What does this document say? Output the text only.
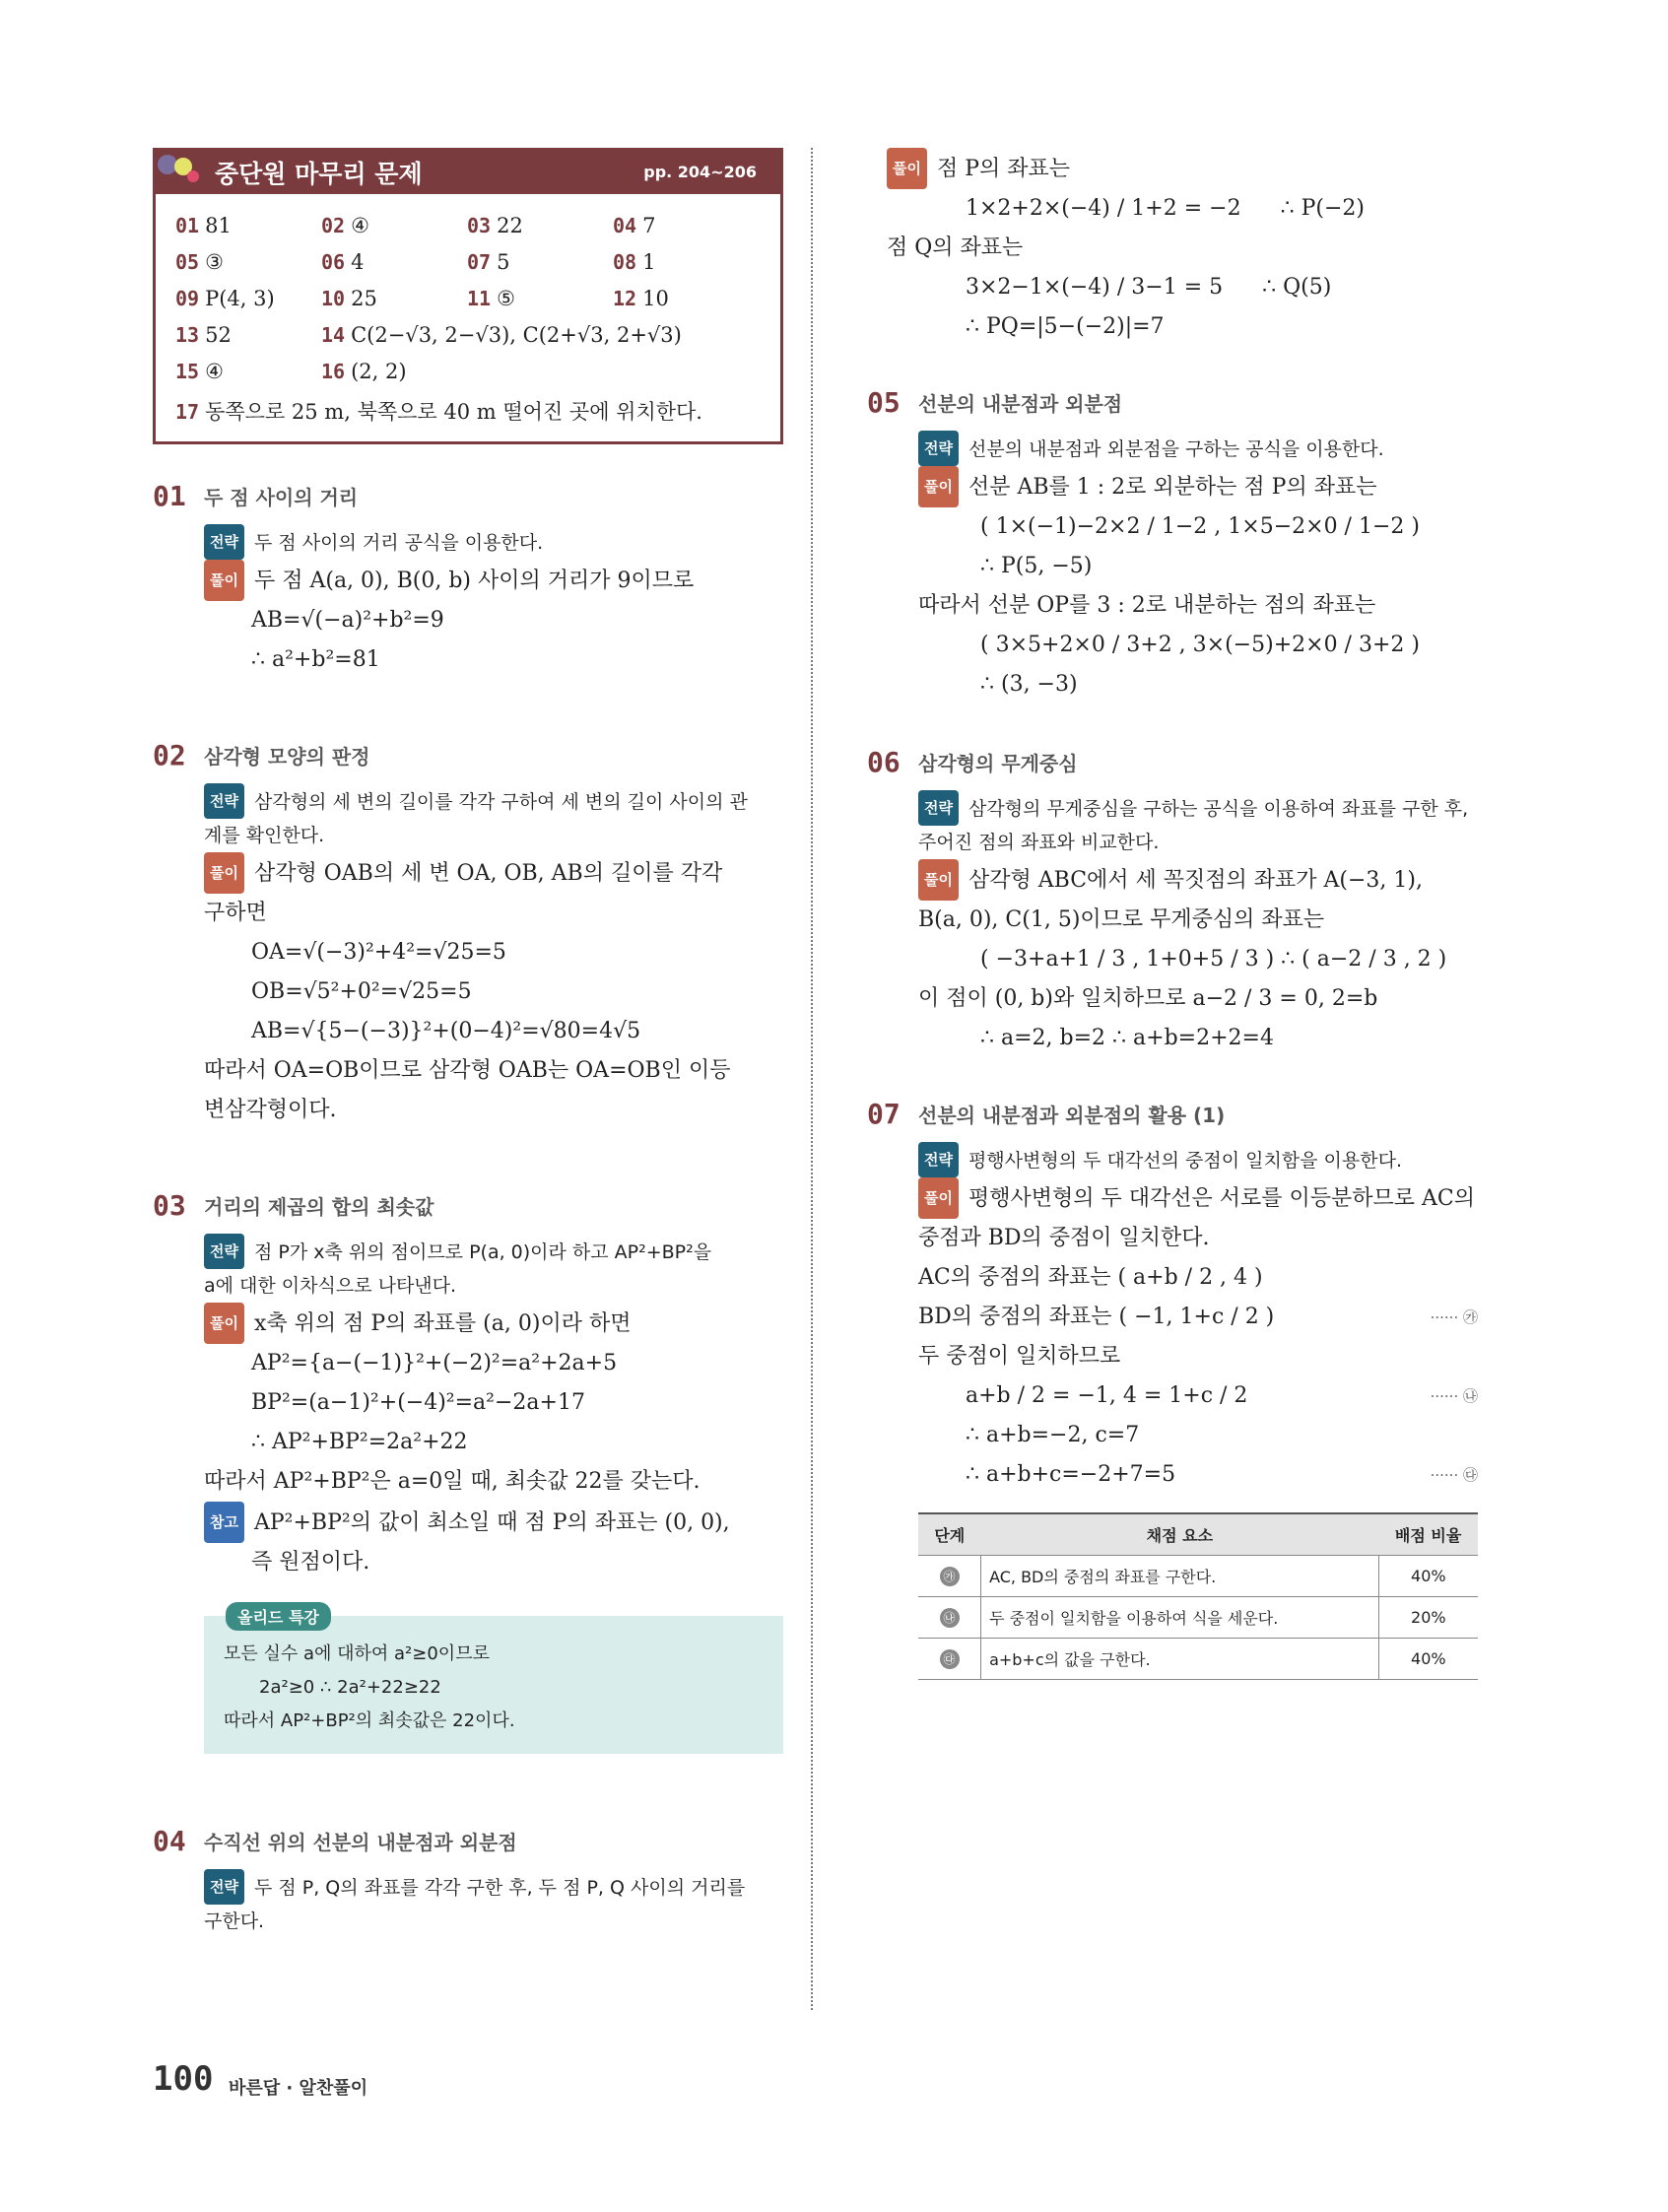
중단원 마무리 문제	pp. 204~206
01 81	02 ④	03 22	04 7
05 ③	06 4	07 5	08 1
09 P(4, 3)	10 25	11 ⑤	12 10
13 52	14 C(2−√3, 2−√3), C(2+√3, 2+√3)
15 ④	16 (2, 2)
17 동쪽으로 25 m, 북쪽으로 40 m 떨어진 곳에 위치한다.
01 두 점 사이의 거리
전략 두 점 사이의 거리 공식을 이용한다.
풀이 두 점 A(a, 0), B(0, b) 사이의 거리가 9이므로
AB=√(−a)²+b²=9
∴ a²+b²=81
02 삼각형 모양의 판정
전략 삼각형의 세 변의 길이를 각각 구하여 세 변의 길이 사이의 관
계를 확인한다.
풀이 삼각형 OAB의 세 변 OA, OB, AB의 길이를 각각
구하면
OA=√(−3)²+4²=√25=5
OB=√5²+0²=√25=5
AB=√{5−(−3)}²+(0−4)²=√80=4√5
따라서 OA=OB이므로 삼각형 OAB는 OA=OB인 이등
변삼각형이다.
03 거리의 제곱의 합의 최솟값
전략 점 P가 x축 위의 점이므로 P(a, 0)이라 하고 AP²+BP²을
a에 대한 이차식으로 나타낸다.
풀이 x축 위의 점 P의 좌표를 (a, 0)이라 하면
AP²={a−(−1)}²+(−2)²=a²+2a+5
BP²=(a−1)²+(−4)²=a²−2a+17
∴ AP²+BP²=2a²+22
따라서 AP²+BP²은 a=0일 때, 최솟값 22를 갖는다.
참고 AP²+BP²의 값이 최소일 때 점 P의 좌표는 (0, 0),
즉 원점이다.
올리드 특강
모든 실수 a에 대하여 a²≥0이므로
2a²≥0 ∴ 2a²+22≥22
따라서 AP²+BP²의 최솟값은 22이다.
04 수직선 위의 선분의 내분점과 외분점
전략 두 점 P, Q의 좌표를 각각 구한 후, 두 점 P, Q 사이의 거리를
구한다.
풀이 점 P의 좌표는
1×2+2×(−4) / 1+2 = −2 ∴ P(−2)
점 Q의 좌표는
3×2−1×(−4) / 3−1 = 5 ∴ Q(5)
∴ PQ=|5−(−2)|=7
05 선분의 내분점과 외분점
전략 선분의 내분점과 외분점을 구하는 공식을 이용한다.
풀이 선분 AB를 1 : 2로 외분하는 점 P의 좌표는
( 1×(−1)−2×2 / 1−2 , 1×5−2×0 / 1−2 )
∴ P(5, −5)
따라서 선분 OP를 3 : 2로 내분하는 점의 좌표는
( 3×5+2×0 / 3+2 , 3×(−5)+2×0 / 3+2 )
∴ (3, −3)
06 삼각형의 무게중심
전략 삼각형의 무게중심을 구하는 공식을 이용하여 좌표를 구한 후,
주어진 점의 좌표와 비교한다.
풀이 삼각형 ABC에서 세 꼭짓점의 좌표가 A(−3, 1),
B(a, 0), C(1, 5)이므로 무게중심의 좌표는
( −3+a+1 / 3 , 1+0+5 / 3 ) ∴ ( a−2 / 3 , 2 )
이 점이 (0, b)와 일치하므로 a−2 / 3 = 0, 2=b
∴ a=2, b=2 ∴ a+b=2+2=4
07 선분의 내분점과 외분점의 활용 (1)
전략 평행사변형의 두 대각선의 중점이 일치함을 이용한다.
풀이 평행사변형의 두 대각선은 서로를 이등분하므로 AC의
중점과 BD의 중점이 일치한다.
AC의 중점의 좌표는 ( a+b / 2 , 4 )
BD의 중점의 좌표는 ( −1, 1+c / 2 )	······ ㉮
두 중점이 일치하므로
a+b / 2 = −1, 4 = 1+c / 2	······ ㉯
∴ a+b=−2, c=7
∴ a+b+c=−2+7=5	······ ㉰
단계	채점 요소	배점 비율
㉮	AC, BD의 중점의 좌표를 구한다.	40%
㉯	두 중점이 일치함을 이용하여 식을 세운다.	20%
㉰	a+b+c의 값을 구한다.	40%
100 바른답 · 알찬풀이
